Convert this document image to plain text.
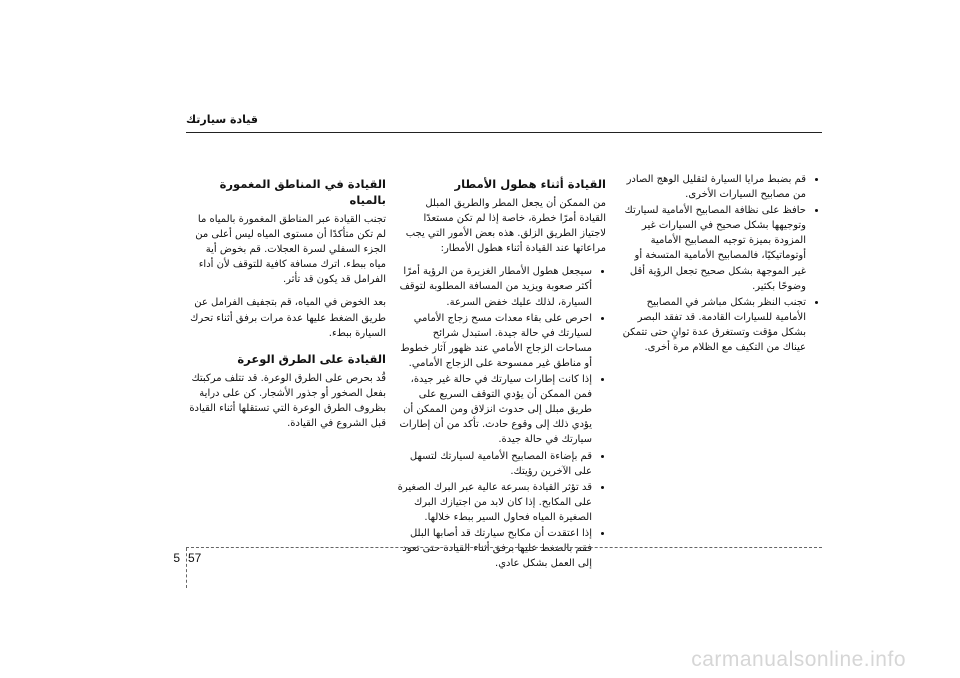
قيادة سيارتك
• قم بضبط مرايا السيارة لتقليل الوهج الصادر من مصابيح السيارات الأخرى.
• حافظ على نظافة المصابيح الأمامية لسيارتك وتوجيهها بشكل صحيح في السيارات غير المزودة بميزة توجيه المصابيح الأمامية أوتوماتيكيًا، فالمصابيح الأمامية المتسخة أو غير الموجهة بشكل صحيح تجعل الرؤية أقل وضوحًا بكثير.
• تجنب النظر بشكل مباشر في المصابيح الأمامية للسيارات القادمة. قد تفقد البصر بشكل مؤقت وتستغرق عدة ثوانٍ حتى تتمكن عيناك من التكيف مع الظلام مرة أخرى.
القيادة أثناء هطول الأمطار

من الممكن أن يجعل المطر والطريق المبلل القيادة أمرًا خطرة، خاصة إذا لم تكن مستعدًا لاجتياز الطريق الزلق. هذه بعض الأمور التي يجب مراعاتها عند القيادة أثناء هطول الأمطار:

• سيجعل هطول الأمطار الغزيرة من الرؤية أمرًا أكثر صعوبة ويزيد من المسافة المطلوبة لتوقف السيارة، لذلك عليك خفض السرعة.
• احرص على بقاء معدات مسح زجاج الأمامي لسيارتك في حالة جيدة. استبدل شرائح مساحات الزجاج الأمامي عند ظهور آثار خطوط أو مناطق غير ممسوحة على الزجاج الأمامي.
• إذا كانت إطارات سيارتك في حالة غير جيدة، فمن الممكن أن يؤدي التوقف السريع على طريق مبلل إلى حدوث انزلاق ومن الممكن أن يؤدي ذلك إلى وقوع حادث. تأكد من أن إطارات سيارتك في حالة جيدة.
• قم بإضاءة المصابيح الأمامية لسيارتك لتسهل على الآخرين رؤيتك.
• قد تؤثر القيادة بسرعة عالية عبر البرك الصغيرة على المكابح. إذا كان لابد من اجتيازك البرك الصغيرة المياه فحاول السير ببطء خلالها.
• إذا اعتقدت أن مكابح سيارتك قد أصابها البلل فقم بالضغط عليها برفق أثناء القيادة حتى تعود إلى العمل بشكل عادي.
القيادة في المناطق المغمورة بالمياه

تجنب القيادة عبر المناطق المغمورة بالمياه ما لم تكن متأكدًا أن مستوى المياه ليس أعلى من الجزء السفلي لسرة العجلات. قم بخوض أية مياه ببطء. اترك مسافة كافية للتوقف لأن أداء الفرامل قد يكون قد تأثر.

بعد الخوض في المياه، قم بتجفيف الفرامل عن طريق الضغط عليها عدة مرات برفق أثناء تحرك السيارة ببطء.

القيادة على الطرق الوعرة

قُد بحرص على الطرق الوعرة. قد تتلف مركبتك بفعل الصخور أو جذور الأشجار. كن على دراية بظروف الطرق الوعرة التي تستقلها أثناء القيادة قبل الشروع في القيادة.

5 57
carmanualsonline.info
